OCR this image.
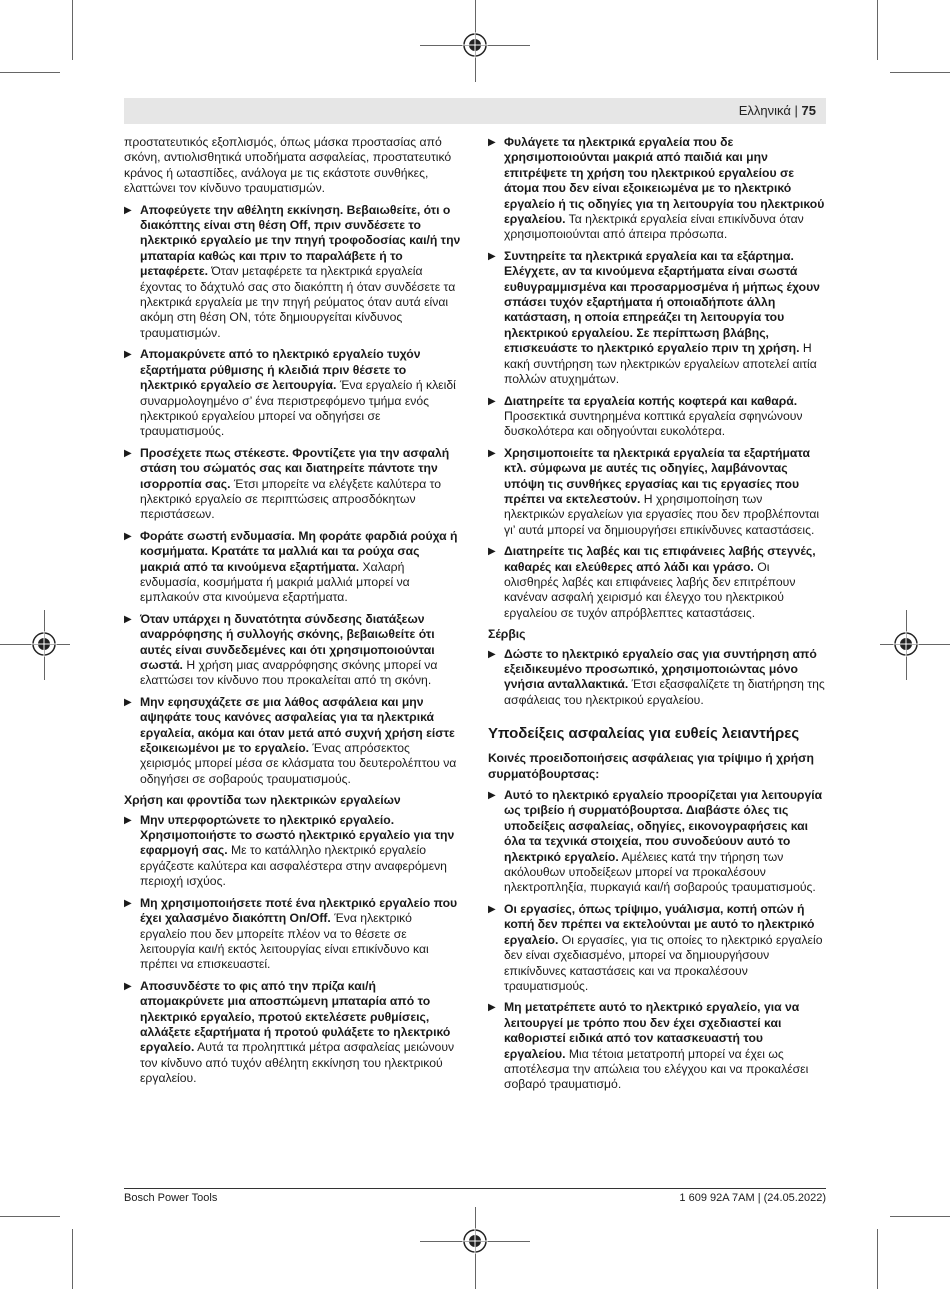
Ελληνικά | 75

προστατευτικός εξοπλισμός, όπως μάσκα προστασίας από σκόνη, αντιολισθητικά υποδήματα ασφαλείας, προστατευτικό κράνος ή ωτασπίδες, ανάλογα με τις εκάστοτε συνθήκες, ελαττώνει τον κίνδυνο τραυματισμών.

▶ Αποφεύγετε την αθέλητη εκκίνηση. Βεβαιωθείτε, ότι ο διακόπτης είναι στη θέση Off, πριν συνδέσετε το ηλεκτρικό εργαλείο με την πηγή τροφοδοσίας και/ή την μπαταρία καθώς και πριν το παραλάβετε ή το μεταφέρετε. Όταν μεταφέρετε τα ηλεκτρικά εργαλεία έχοντας το δάχτυλό σας στο διακόπτη ή όταν συνδέσετε τα ηλεκτρικά εργαλεία με την πηγή ρεύματος όταν αυτά είναι ακόμη στη θέση ON, τότε δημιουργείται κίνδυνος τραυματισμών.
▶ Απομακρύνετε από το ηλεκτρικό εργαλείο τυχόν εξαρτήματα ρύθμισης ή κλειδιά πριν θέσετε το ηλεκτρικό εργαλείο σε λειτουργία. Ένα εργαλείο ή κλειδί συναρμολογημένο σ’ ένα περιστρεφόμενο τμήμα ενός ηλεκτρικού εργαλείου μπορεί να οδηγήσει σε τραυματισμούς.
▶ Προσέχετε πως στέκεστε. Φροντίζετε για την ασφαλή στάση του σώματός σας και διατηρείτε πάντοτε την ισορροπία σας. Έτσι μπορείτε να ελέγξετε καλύτερα το ηλεκτρικό εργαλείο σε περιπτώσεις απροσδόκητων περιστάσεων.
▶ Φοράτε σωστή ενδυμασία. Μη φοράτε φαρδιά ρούχα ή κοσμήματα. Κρατάτε τα μαλλιά και τα ρούχα σας μακριά από τα κινούμενα εξαρτήματα. Χαλαρή ενδυμασία, κοσμήματα ή μακριά μαλλιά μπορεί να εμπλακούν στα κινούμενα εξαρτήματα.
▶ Όταν υπάρχει η δυνατότητα σύνδεσης διατάξεων αναρρόφησης ή συλλογής σκόνης, βεβαιωθείτε ότι αυτές είναι συνδεδεμένες και ότι χρησιμοποιούνται σωστά. Η χρήση μιας αναρρόφησης σκόνης μπορεί να ελαττώσει τον κίνδυνο που προκαλείται από τη σκόνη.
▶ Μην εφησυχάζετε σε μια λάθος ασφάλεια και μην αψηφάτε τους κανόνες ασφαλείας για τα ηλεκτρικά εργαλεία, ακόμα και όταν μετά από συχνή χρήση είστε εξοικειωμένοι με το εργαλείο. Ένας απρόσεκτος χειρισμός μπορεί μέσα σε κλάσματα του δευτερολέπτου να οδηγήσει σε σοβαρούς τραυματισμούς.
Χρήση και φροντίδα των ηλεκτρικών εργαλείων
▶ Μην υπερφορτώνετε το ηλεκτρικό εργαλείο. Χρησιμοποιήστε το σωστό ηλεκτρικό εργαλείο για την εφαρμογή σας. Με το κατάλληλο ηλεκτρικό εργαλείο εργάζεστε καλύτερα και ασφαλέστερα στην αναφερόμενη περιοχή ισχύος.
▶ Μη χρησιμοποιήσετε ποτέ ένα ηλεκτρικό εργαλείο που έχει χαλασμένο διακόπτη On/Off. Ένα ηλεκτρικό εργαλείο που δεν μπορείτε πλέον να το θέσετε σε λειτουργία και/ή εκτός λειτουργίας είναι επικίνδυνο και πρέπει να επισκευαστεί.
▶ Αποσυνδέστε το φις από την πρίζα και/ή απομακρύνετε μια αποσπώμενη μπαταρία από το ηλεκτρικό εργαλείο, προτού εκτελέσετε ρυθμίσεις, αλλάξετε εξαρτήματα ή προτού φυλάξετε το ηλεκτρικό εργαλείο. Αυτά τα προληπτικά μέτρα ασφαλείας μειώνουν τον κίνδυνο από τυχόν αθέλητη εκκίνηση του ηλεκτρικού εργαλείου.
▶ Φυλάγετε τα ηλεκτρικά εργαλεία που δε χρησιμοποιούνται μακριά από παιδιά και μην επιτρέψετε τη χρήση του ηλεκτρικού εργαλείου σε άτομα που δεν είναι εξοικειωμένα με το ηλεκτρικό εργαλείο ή τις οδηγίες για τη λειτουργία του ηλεκτρικού εργαλείου. Τα ηλεκτρικά εργαλεία είναι επικίνδυνα όταν χρησιμοποιούνται από άπειρα πρόσωπα.
▶ Συντηρείτε τα ηλεκτρικά εργαλεία και τα εξάρτημα. Ελέγχετε, αν τα κινούμενα εξαρτήματα είναι σωστά ευθυγραμμισμένα και προσαρμοσμένα ή μήπως έχουν σπάσει τυχόν εξαρτήματα ή οποιαδήποτε άλλη κατάσταση, η οποία επηρεάζει τη λειτουργία του ηλεκτρικού εργαλείου. Σε περίπτωση βλάβης, επισκευάστε το ηλεκτρικό εργαλείο πριν τη χρήση. Η κακή συντήρηση των ηλεκτρικών εργαλείων αποτελεί αιτία πολλών ατυχημάτων.
▶ Διατηρείτε τα εργαλεία κοπής κοφτερά και καθαρά. Προσεκτικά συντηρημένα κοπτικά εργαλεία σφηνώνουν δυσκολότερα και οδηγούνται ευκολότερα.
▶ Χρησιμοποιείτε τα ηλεκτρικά εργαλεία τα εξαρτήματα κτλ. σύμφωνα με αυτές τις οδηγίες, λαμβάνοντας υπόψη τις συνθήκες εργασίας και τις εργασίες που πρέπει να εκτελεστούν. Η χρησιμοποίηση των ηλεκτρικών εργαλείων για εργασίες που δεν προβλέπονται γι’ αυτά μπορεί να δημιουργήσει επικίνδυνες καταστάσεις.
▶ Διατηρείτε τις λαβές και τις επιφάνειες λαβής στεγνές, καθαρές και ελεύθερες από λάδι και γράσο. Οι ολισθηρές λαβές και επιφάνειες λαβής δεν επιτρέπουν κανέναν ασφαλή χειρισμό και έλεγχο του ηλεκτρικού εργαλείου σε τυχόν απρόβλεπτες καταστάσεις.
Σέρβις
▶ Δώστε το ηλεκτρικό εργαλείο σας για συντήρηση από εξειδικευμένο προσωπικό, χρησιμοποιώντας μόνο γνήσια ανταλλακτικά. Έτσι εξασφαλίζετε τη διατήρηση της ασφάλειας του ηλεκτρικού εργαλείου.
Υποδείξεις ασφαλείας για ευθείς λειαντήρες
Κοινές προειδοποιήσεις ασφάλειας για τρίψιμο ή χρήση συρματόβουρτσας:
▶ Αυτό το ηλεκτρικό εργαλείο προορίζεται για λειτουργία ως τριβείο ή συρματόβουρτσα. Διαβάστε όλες τις υποδείξεις ασφαλείας, οδηγίες, εικονογραφήσεις και όλα τα τεχνικά στοιχεία, που συνοδεύουν αυτό το ηλεκτρικό εργαλείο. Αμέλειες κατά την τήρηση των ακόλουθων υποδείξεων μπορεί να προκαλέσουν ηλεκτροπληξία, πυρκαγιά και/ή σοβαρούς τραυματισμούς.
▶ Οι εργασίες, όπως τρίψιμο, γυάλισμα, κοπή οπών ή κοπή δεν πρέπει να εκτελούνται με αυτό το ηλεκτρικό εργαλείο. Οι εργασίες, για τις οποίες το ηλεκτρικό εργαλείο δεν είναι σχεδιασμένο, μπορεί να δημιουργήσουν επικίνδυνες καταστάσεις και να προκαλέσουν τραυματισμούς.
▶ Μη μετατρέπετε αυτό το ηλεκτρικό εργαλείο, για να λειτουργεί με τρόπο που δεν έχει σχεδιαστεί και καθοριστεί ειδικά από τον κατασκευαστή του εργαλείου. Μια τέτοια μετατροπή μπορεί να έχει ως αποτέλεσμα την απώλεια του ελέγχου και να προκαλέσει σοβαρό τραυματισμό.
Bosch Power Tools	1 609 92A 7AM | (24.05.2022)
